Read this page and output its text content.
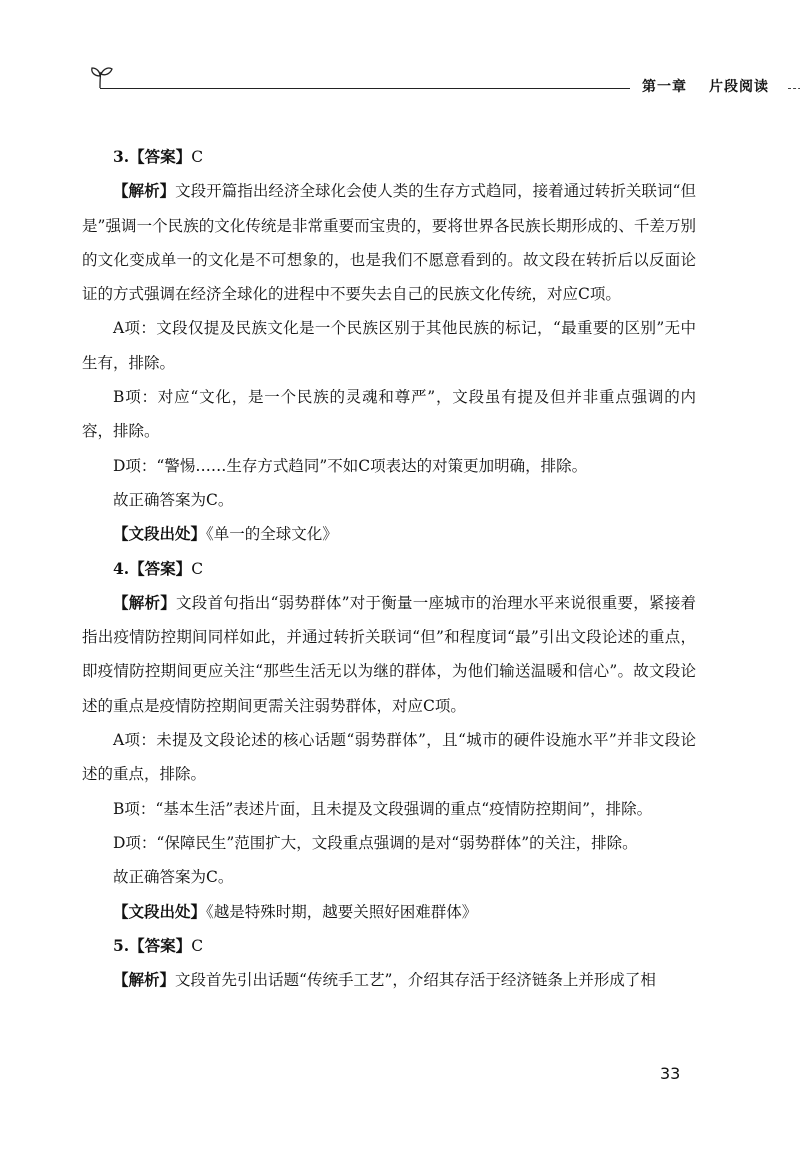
第一章 片段阅读

3.【答案】C

【解析】文段开篇指出经济全球化会使人类的生存方式趋同，接着通过转折关联词“但是”强调一个民族的文化传统是非常重要而宝贵的，要将世界各民族长期形成的、千差万别的文化变成单一的文化是不可想象的，也是我们不愿意看到的。故文段在转折后以反面论证的方式强调在经济全球化的进程中不要失去自己的民族文化传统，对应C项。

A项：文段仅提及民族文化是一个民族区别于其他民族的标记，“最重要的区别”无中生有，排除。

B项：对应“文化，是一个民族的灵魂和尊严”，文段虽有提及但并非重点强调的内容，排除。

D项：“警惕……生存方式趋同”不如C项表达的对策更加明确，排除。

故正确答案为C。

【文段出处】《单一的全球文化》

4.【答案】C

【解析】文段首句指出“弱势群体”对于衡量一座城市的治理水平来说很重要，紧接着指出疫情防控期间同样如此，并通过转折关联词“但”和程度词“最”引出文段论述的重点，即疫情防控期间更应关注“那些生活无以为继的群体，为他们输送温暖和信心”。故文段论述的重点是疫情防控期间更需关注弱势群体，对应C项。

A项：未提及文段论述的核心话题“弱势群体”，且“城市的硬件设施水平”并非文段论述的重点，排除。

B项：“基本生活”表述片面，且未提及文段强调的重点“疫情防控期间”，排除。

D项：“保障民生”范围扩大，文段重点强调的是对“弱势群体”的关注，排除。

故正确答案为C。

【文段出处】《越是特殊时期，越要关照好困难群体》

5.【答案】C

【解析】文段首先引出话题“传统手工艺”，介绍其存活于经济链条上并形成了相

33
